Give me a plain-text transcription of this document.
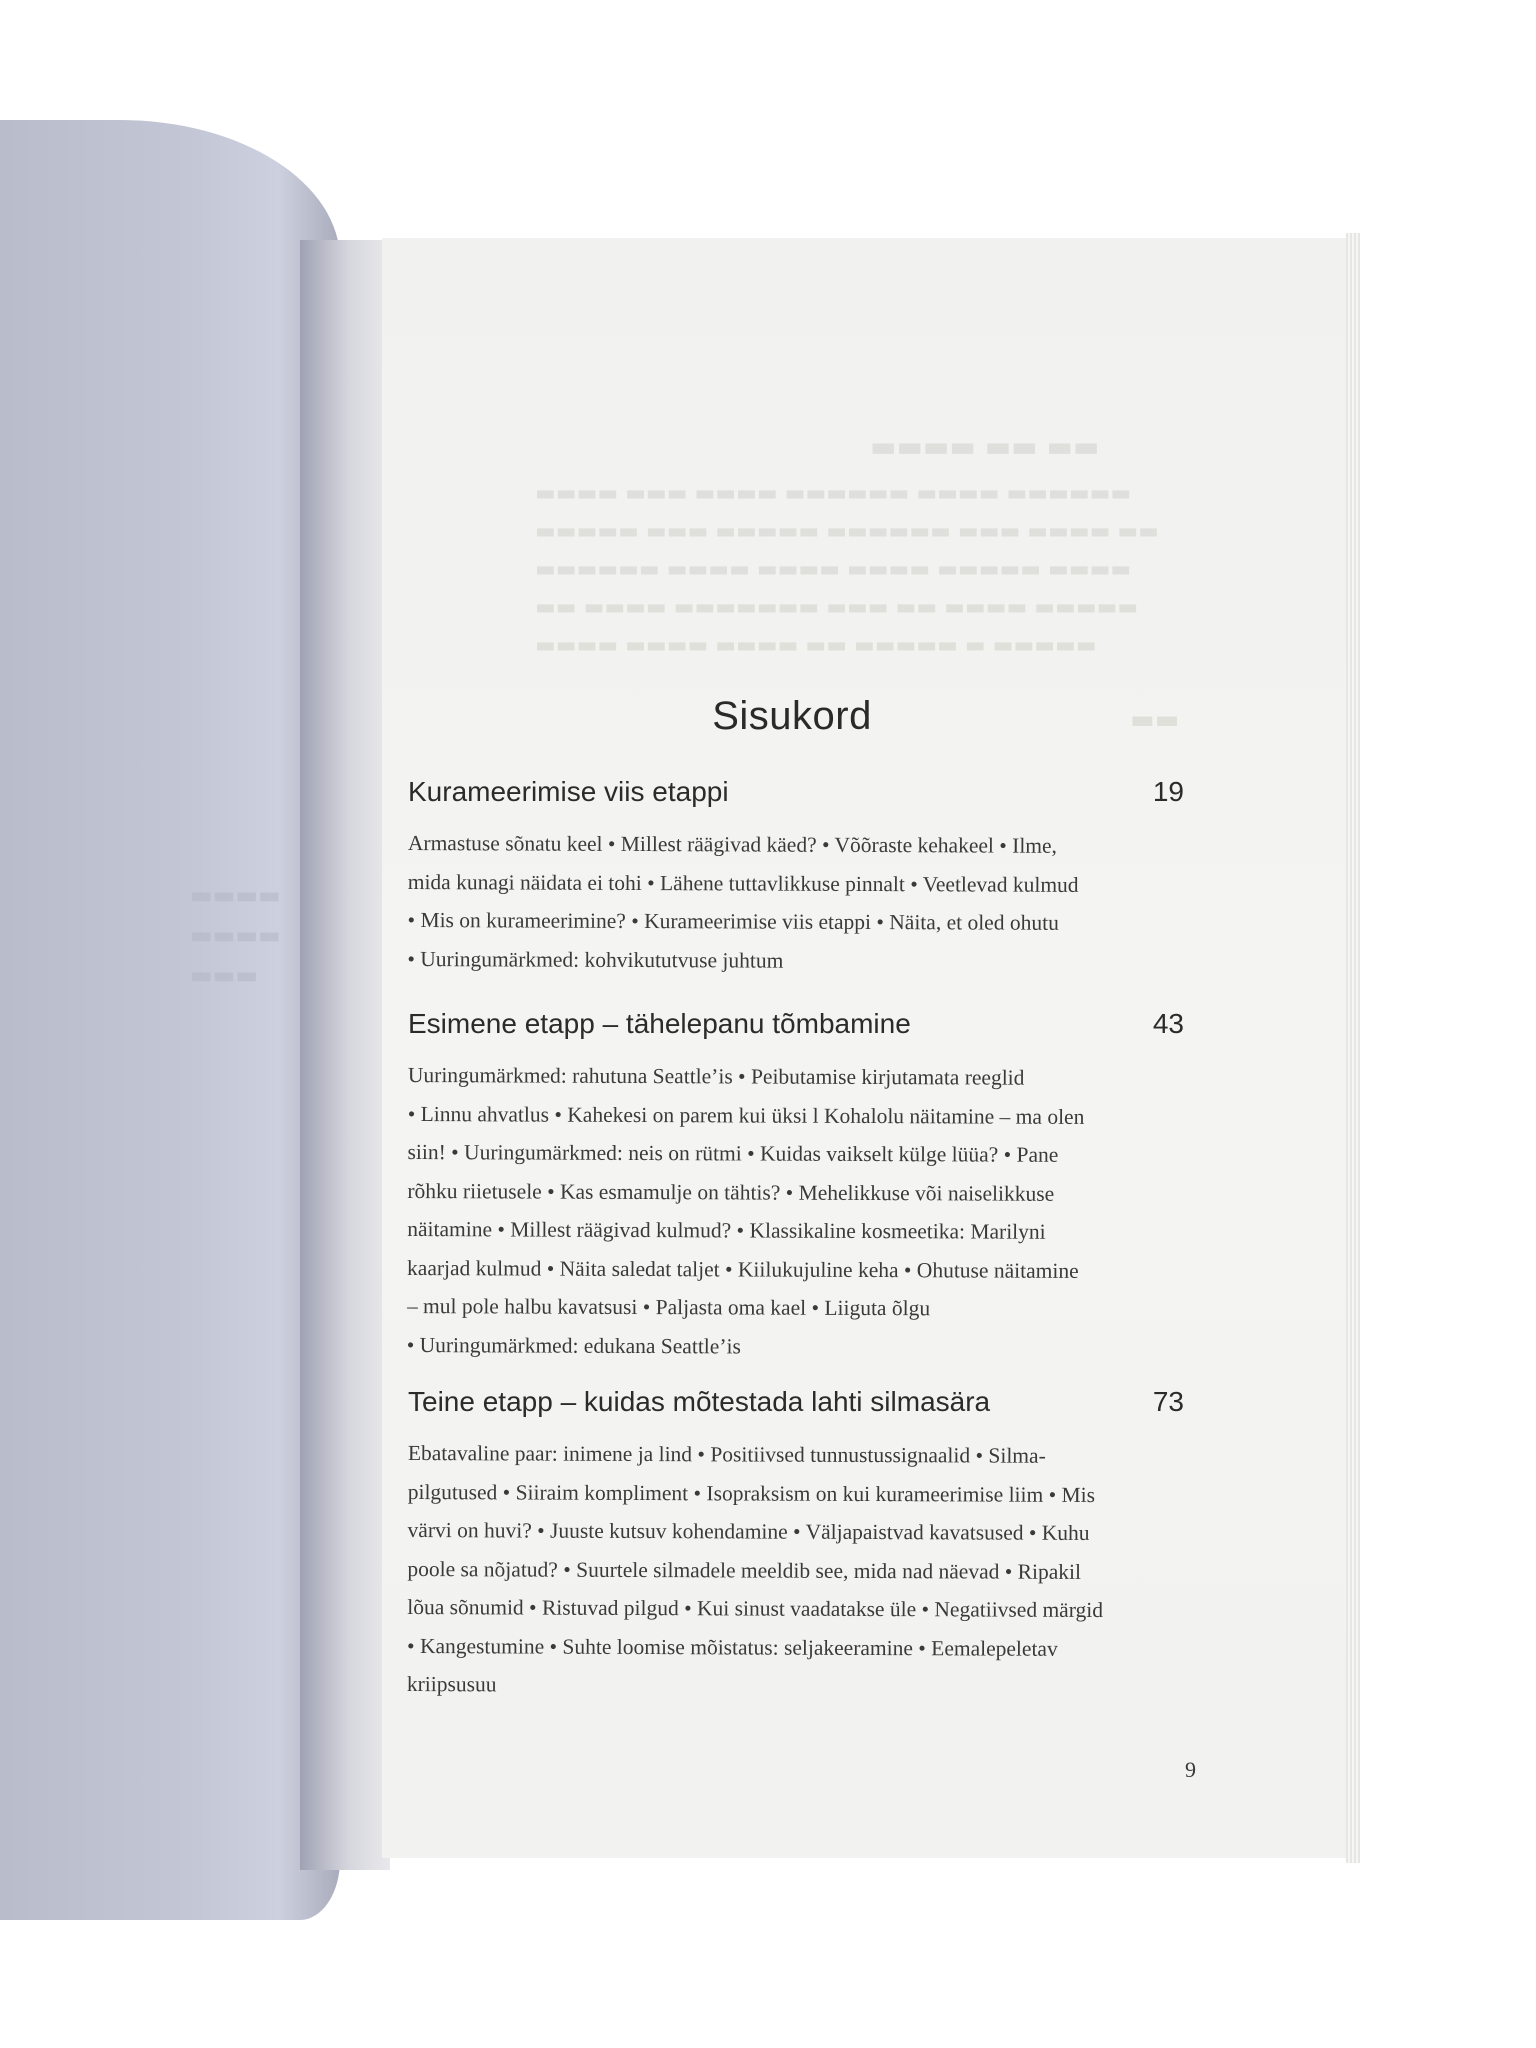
▬▬▬▬
▬▬▬▬
▬▬▬
▬▬▬▬ ▬▬ ▬▬
▬▬▬▬ ▬▬▬ ▬▬▬▬ ▬▬▬▬▬▬ ▬▬▬▬ ▬▬▬▬▬▬
▬▬▬▬▬ ▬▬▬ ▬▬▬▬▬ ▬▬▬▬▬▬ ▬▬▬ ▬▬▬▬ ▬▬
▬▬▬▬▬▬ ▬▬▬▬ ▬▬▬▬ ▬▬▬▬ ▬▬▬▬▬ ▬▬▬▬
▬▬ ▬▬▬▬ ▬▬▬▬▬▬▬ ▬▬▬ ▬▬ ▬▬▬▬ ▬▬▬▬▬
▬▬▬▬ ▬▬▬▬ ▬▬▬▬ ▬▬ ▬▬▬▬▬ ▬ ▬▬▬▬▬
▬▬
Sisukord
Kurameerimise viis etappi	19
Armastuse sõnatu keel • Millest räägivad käed? • Võõraste kehakeel • Ilme,
mida kunagi näidata ei tohi • Lähene tuttavlikkuse pinnalt • Veetlevad kulmud
• Mis on kurameerimine? • Kurameerimise viis etappi • Näita, et oled ohutu
• Uuringumärkmed: kohvikututvuse juhtum
Esimene etapp – tähelepanu tõmbamine	43
Uuringumärkmed: rahutuna Seattle’is • Peibutamise kirjutamata reeglid
• Linnu ahvatlus • Kahekesi on parem kui üksi l Kohalolu näitamine – ma olen
siin! • Uuringumärkmed: neis on rütmi • Kuidas vaikselt külge lüüa? • Pane
rõhku riietusele • Kas esmamulje on tähtis? • Mehelikkuse või naiselikkuse
näitamine • Millest räägivad kulmud? • Klassikaline kosmeetika: Marilyni
kaarjad kulmud • Näita saledat taljet • Kiilukujuline keha • Ohutuse näitamine
– mul pole halbu kavatsusi • Paljasta oma kael • Liiguta õlgu
• Uuringumärkmed: edukana Seattle’is
Teine etapp – kuidas mõtestada lahti silmasära	73
Ebatavaline paar: inimene ja lind • Positiivsed tunnustussignaalid • Silma-
pilgutused • Siiraim kompliment • Isopraksism on kui kurameerimise liim • Mis
värvi on huvi? • Juuste kutsuv kohendamine • Väljapaistvad kavatsused • Kuhu
poole sa nõjatud? • Suurtele silmadele meeldib see, mida nad näevad • Ripakil
lõua sõnumid • Ristuvad pilgud • Kui sinust vaadatakse üle • Negatiivsed märgid
• Kangestumine • Suhte loomise mõistatus: seljakeeramine • Eemalepeletav
kriipsusuu
9
